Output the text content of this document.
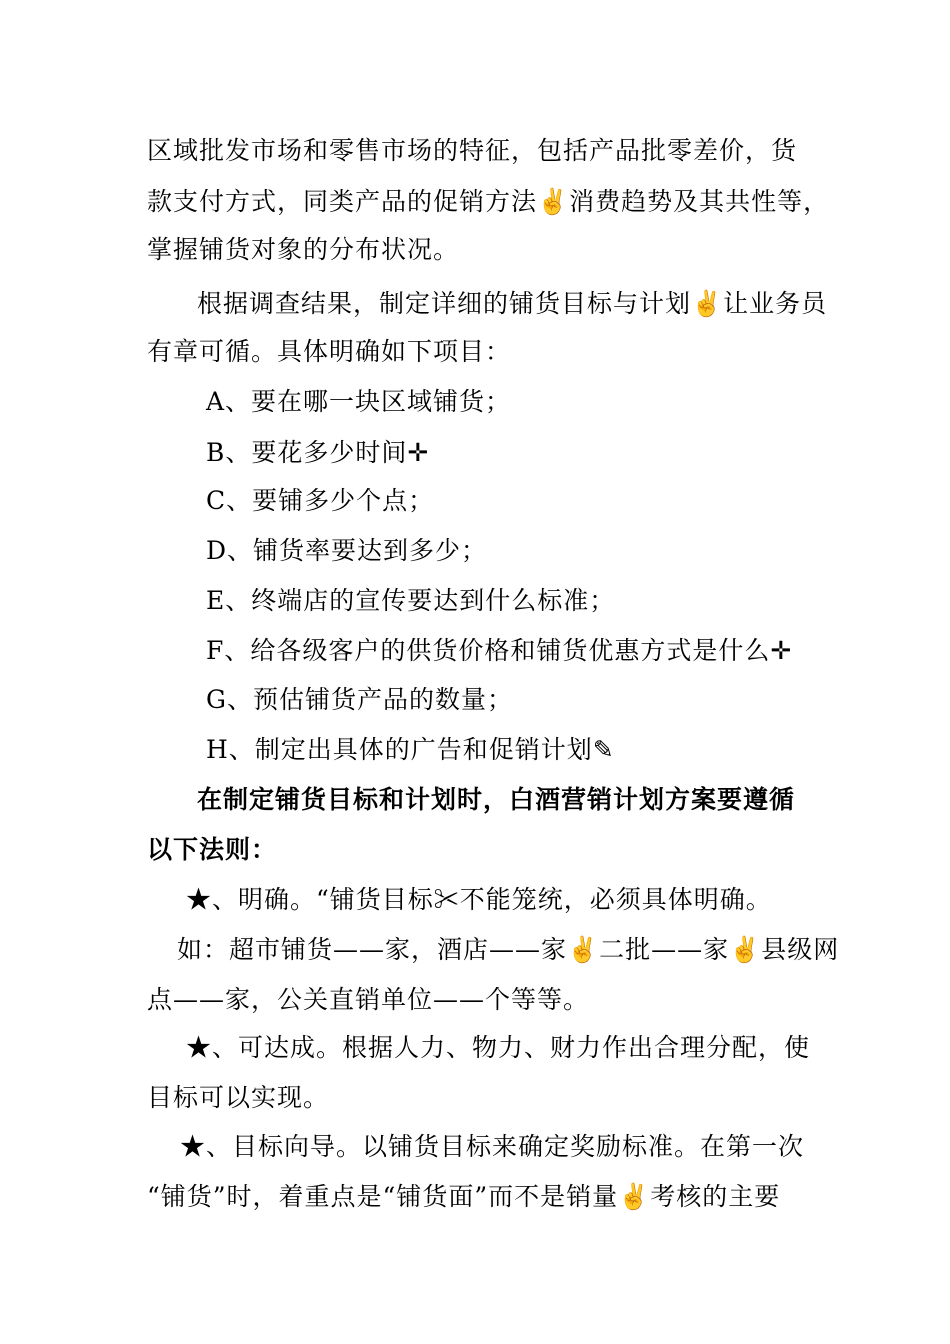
区域批发市场和零售市场的特征，包括产品批零差价，货
款支付方式，同类产品的促销方法✌消费趋势及其共性等，
掌握铺货对象的分布状况。
根据调查结果，制定详细的铺货目标与计划✌让业务员
有章可循。具体明确如下项目：
A、要在哪一块区域铺货；
B、要花多少时间✛
C、要铺多少个点；
D、铺货率要达到多少；
E、终端店的宣传要达到什么标准；
F、给各级客户的供货价格和铺货优惠方式是什么✛
G、预估铺货产品的数量；
H、制定出具体的广告和促销计划✎
在制定铺货目标和计划时，白酒营销计划方案要遵循
以下法则：
★、明确。“铺货目标✂不能笼统，必须具体明确。
如：超市铺货——家，酒店——家✌二批——家✌县级网
点——家，公关直销单位——个等等。
★、可达成。根据人力、物力、财力作出合理分配，使
目标可以实现。
★、目标向导。以铺货目标来确定奖励标准。在第一次
“铺货”时，着重点是“铺货面”而不是销量✌考核的主要
